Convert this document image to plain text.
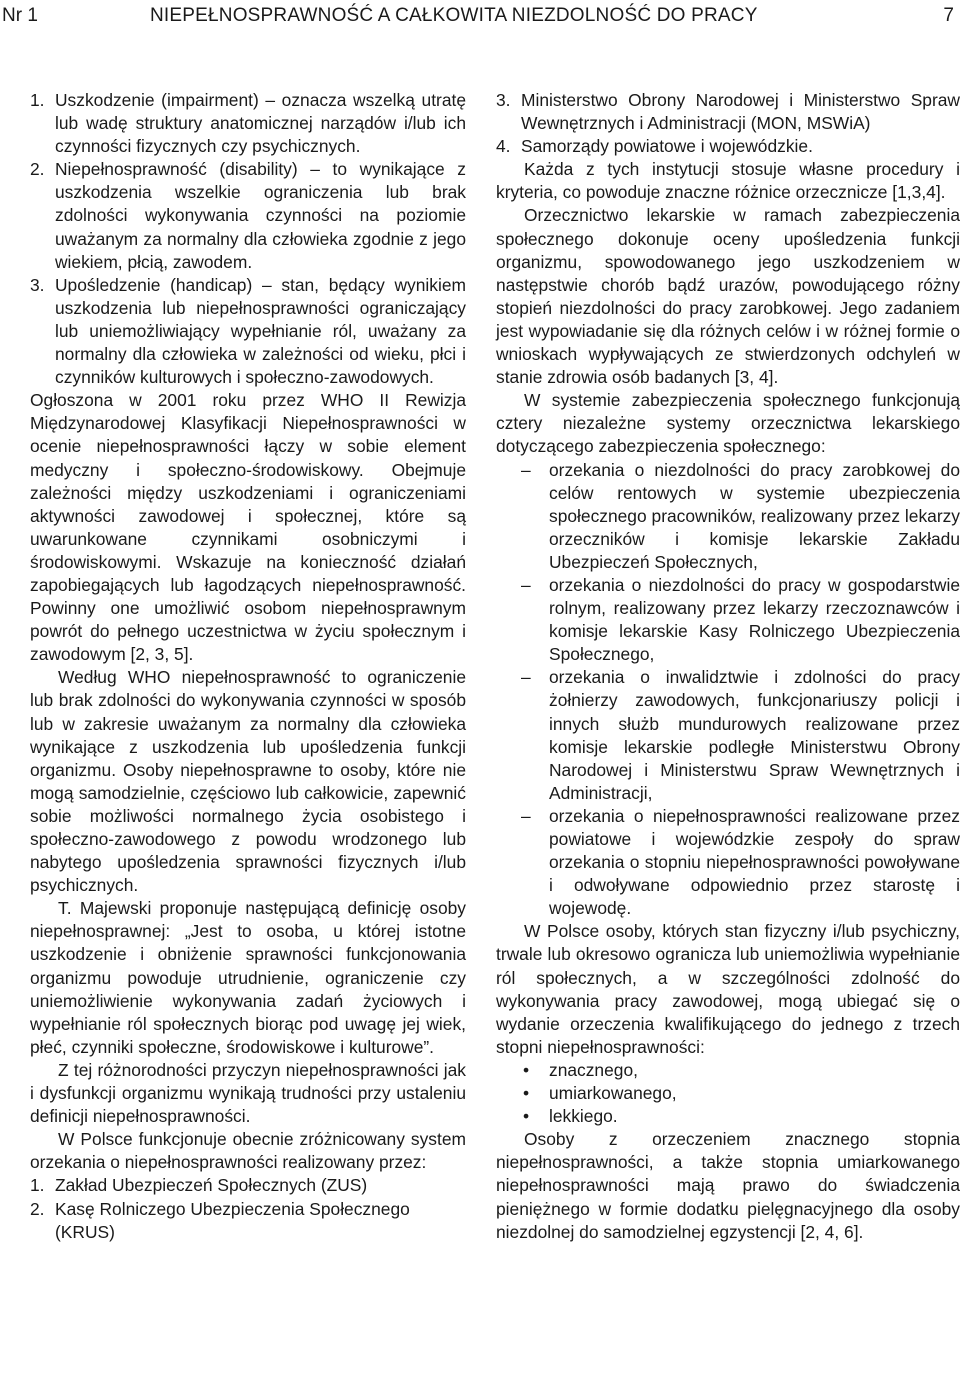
Nr 1	NIEPEŁNOSPRAWNOŚĆ A CAŁKOWITA NIEZDOLNOŚĆ DO PRACY	7
1. Uszkodzenie (impairment) – oznacza wszelką utratę lub wadę struktury anatomicznej narządów i/lub ich czynności fizycznych czy psychicznych.
2. Niepełnosprawność (disability) – to wynikające z uszkodzenia wszelkie ograniczenia lub brak zdolności wykonywania czynności na poziomie uważanym za normalny dla człowieka zgodnie z jego wiekiem, płcią, zawodem.
3. Upośledzenie (handicap) – stan, będący wynikiem uszkodzenia lub niepełnosprawności ograniczający lub uniemożliwiający wypełnianie ról, uważany za normalny dla człowieka w zależności od wieku, płci i czynników kulturowych i społeczno-zawodowych.

Ogłoszona w 2001 roku przez WHO II Rewizja Międzynarodowej Klasyfikacji Niepełnosprawności w ocenie niepełnosprawności łączy w sobie element medyczny i społeczno-środowiskowy. Obejmuje zależności między uszkodzeniami i ograniczeniami aktywności zawodowej i społecznej, które są uwarunkowane czynnikami osobniczymi i środowiskowymi. Wskazuje na konieczność działań zapobiegających lub łagodzących niepełnosprawność. Powinny one umożliwić osobom niepełnosprawnym powrót do pełnego uczestnictwa w życiu społecznym i zawodowym [2, 3, 5].

Według WHO niepełnosprawność to ograniczenie lub brak zdolności do wykonywania czynności w sposób lub w zakresie uważanym za normalny dla człowieka wynikające z uszkodzenia lub upośledzenia funkcji organizmu. Osoby niepełnosprawne to osoby, które nie mogą samodzielnie, częściowo lub całkowicie, zapewnić sobie możliwości normalnego życia osobistego i społeczno-zawodowego z powodu wrodzonego lub nabytego upośledzenia sprawności fizycznych i/lub psychicznych.

T. Majewski proponuje następującą definicję osoby niepełnosprawnej: „Jest to osoba, u której istotne uszkodzenie i obniżenie sprawności funkcjonowania organizmu powoduje utrudnienie, ograniczenie czy uniemożliwienie wykonywania zadań życiowych i wypełnianie ról społecznych biorąc pod uwagę jej wiek, płeć, czynniki społeczne, środowiskowe i kulturowe”.

Z tej różnorodności przyczyn niepełnosprawności jak i dysfunkcji organizmu wynikają trudności przy ustaleniu definicji niepełnosprawności.

W Polsce funkcjonuje obecnie zróżnicowany system orzekania o niepełnosprawności realizowany przez:

1. Zakład Ubezpieczeń Społecznych (ZUS)
2. Kasę Rolniczego Ubezpieczenia Społecznego (KRUS)
3. Ministerstwo Obrony Narodowej i Ministerstwo Spraw Wewnętrznych i Administracji (MON, MSWiA)
4. Samorządy powiatowe i wojewódzkie.

Każda z tych instytucji stosuje własne procedury i kryteria, co powoduje znaczne różnice orzecznicze [1,3,4].

Orzecznictwo lekarskie w ramach zabezpieczenia społecznego dokonuje oceny upośledzenia funkcji organizmu, spowodowanego jego uszkodzeniem w następstwie chorób bądź urazów, powodującego różny stopień niezdolności do pracy zarobkowej. Jego zadaniem jest wypowiadanie się dla różnych celów i w różnej formie o wnioskach wypływających ze stwierdzonych odchyleń w stanie zdrowia osób badanych [3, 4].

W systemie zabezpieczenia społecznego funkcjonują cztery niezależne systemy orzecznictwa lekarskiego dotyczącego zabezpieczenia społecznego:

–	orzekania o niezdolności do pracy zarobkowej do celów rentowych w systemie ubezpieczenia społecznego pracowników, realizowany przez lekarzy orzeczników i komisje lekarskie Zakładu Ubezpieczeń Społecznych,
–	orzekania o niezdolności do pracy w gospodarstwie rolnym, realizowany przez lekarzy rzeczoznawców i komisje lekarskie Kasy Rolniczego Ubezpieczenia Społecznego,
–	orzekania o inwalidztwie i zdolności do pracy żołnierzy zawodowych, funkcjonariuszy policji i innych służb mundurowych realizowane przez komisje lekarskie podległe Ministerstwu Obrony Narodowej i Ministerstwu Spraw Wewnętrznych i Administracji,
–	orzekania o niepełnosprawności realizowane przez powiatowe i wojewódzkie zespoły do spraw orzekania o stopniu niepełnosprawności powoływane i odwoływane odpowiednio przez starostę i wojewodę.

W Polsce osoby, których stan fizyczny i/lub psychiczny, trwale lub okresowo ogranicza lub uniemożliwia wypełnianie ról społecznych, a w szczególności zdolność do wykonywania pracy zawodowej, mogą ubiegać się o wydanie orzeczenia kwalifikującego do jednego z trzech stopni niepełnosprawności:

•	znacznego,
•	umiarkowanego,
•	lekkiego.

Osoby z orzeczeniem znacznego stopnia niepełnosprawności, a także stopnia umiarkowanego niepełnosprawności mają prawo do świadczenia pieniężnego w formie dodatku pielęgnacyjnego dla osoby niezdolnej do samodzielnej egzystencji [2, 4, 6].
